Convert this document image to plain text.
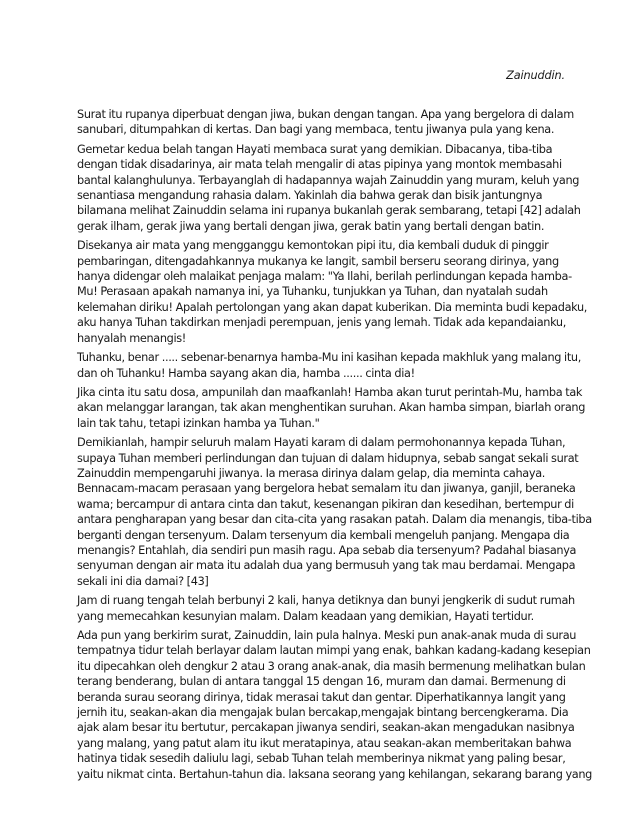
Zainuddin.

Surat itu rupanya diperbuat dengan jiwa, bukan dengan tangan. Apa yang bergelora di dalam
sanubari, ditumpahkan di kertas. Dan bagi yang membaca, tentu jiwanya pula yang kena.

Gemetar kedua belah tangan Hayati membaca surat yang demikian. Dibacanya, tiba-tiba
dengan tidak disadarinya, air mata telah mengalir di atas pipinya yang montok membasahi
bantal kalanghulunya. Terbayanglah di hadapannya wajah Zainuddin yang muram, keluh yang
senantiasa mengandung rahasia dalam. Yakinlah dia bahwa gerak dan bisik jantungnya
bilamana melihat Zainuddin selama ini rupanya bukanlah gerak sembarang, tetapi [42] adalah
gerak ilham, gerak jiwa yang bertali dengan jiwa, gerak batin yang bertali dengan batin.

Disekanya air mata yang mengganggu kemontokan pipi itu, dia kembali duduk di pinggir
pembaringan, ditengadahkannya mukanya ke langit, sambil berseru seorang dirinya, yang
hanya didengar oleh malaikat penjaga malam: "Ya Ilahi, berilah perlindungan kepada hamba-
Mu! Perasaan apakah namanya ini, ya Tuhanku, tunjukkan ya Tuhan, dan nyatalah sudah
kelemahan diriku! Apalah pertolongan yang akan dapat kuberikan. Dia meminta budi kepadaku,
aku hanya Tuhan takdirkan menjadi perempuan, jenis yang lemah. Tidak ada kepandaianku,
hanyalah menangis!

Tuhanku, benar ..... sebenar-benarnya hamba-Mu ini kasihan kepada makhluk yang malang itu,
dan oh Tuhanku! Hamba sayang akan dia, hamba ...... cinta dia!

Jika cinta itu satu dosa, ampunilah dan maafkanlah! Hamba akan turut perintah-Mu, hamba tak
akan melanggar larangan, tak akan menghentikan suruhan. Akan hamba simpan, biarlah orang
lain tak tahu, tetapi izinkan hamba ya Tuhan."

Demikianlah, hampir seluruh malam Hayati karam di dalam permohonannya kepada Tuhan,
supaya Tuhan memberi perlindungan dan tujuan di dalam hidupnya, sebab sangat sekali surat
Zainuddin mempengaruhi jiwanya. Ia merasa dirinya dalam gelap, dia meminta cahaya.
Bennacam-macam perasaan yang bergelora hebat semalam itu dan jiwanya, ganjil, beraneka
wama; bercampur di antara cinta dan takut, kesenangan pikiran dan kesedihan, bertempur di
antara pengharapan yang besar dan cita-cita yang rasakan patah. Dalam dia menangis, tiba-tiba
berganti dengan tersenyum. Dalam tersenyum dia kembali mengeluh panjang. Mengapa dia
menangis? Entahlah, dia sendiri pun masih ragu. Apa sebab dia tersenyum? Padahal biasanya
senyuman dengan air mata itu adalah dua yang bermusuh yang tak mau berdamai. Mengapa
sekali ini dia damai? [43]

Jam di ruang tengah telah berbunyi 2 kali, hanya detiknya dan bunyi jengkerik di sudut rumah
yang memecahkan kesunyian malam. Dalam keadaan yang demikian, Hayati tertidur.

Ada pun yang berkirim surat, Zainuddin, lain pula halnya. Meski pun anak-anak muda di surau
tempatnya tidur telah berlayar dalam lautan mimpi yang enak, bahkan kadang-kadang kesepian
itu dipecahkan oleh dengkur 2 atau 3 orang anak-anak, dia masih bermenung melihatkan bulan
terang benderang, bulan di antara tanggal 15 dengan 16, muram dan damai. Bermenung di
beranda surau seorang dirinya, tidak merasai takut dan gentar. Diperhatikannya langit yang
jernih itu, seakan-akan dia mengajak bulan bercakap,mengajak bintang bercengkerama. Dia
ajak alam besar itu bertutur, percakapan jiwanya sendiri, seakan-akan mengadukan nasibnya
yang malang, yang patut alam itu ikut meratapinya, atau seakan-akan memberitakan bahwa
hatinya tidak sesedih daliulu lagi, sebab Tuhan telah memberinya nikmat yang paling besar,
yaitu nikmat cinta. Bertahun-tahun dia. laksana seorang yang kehilangan, sekarang barang yang
